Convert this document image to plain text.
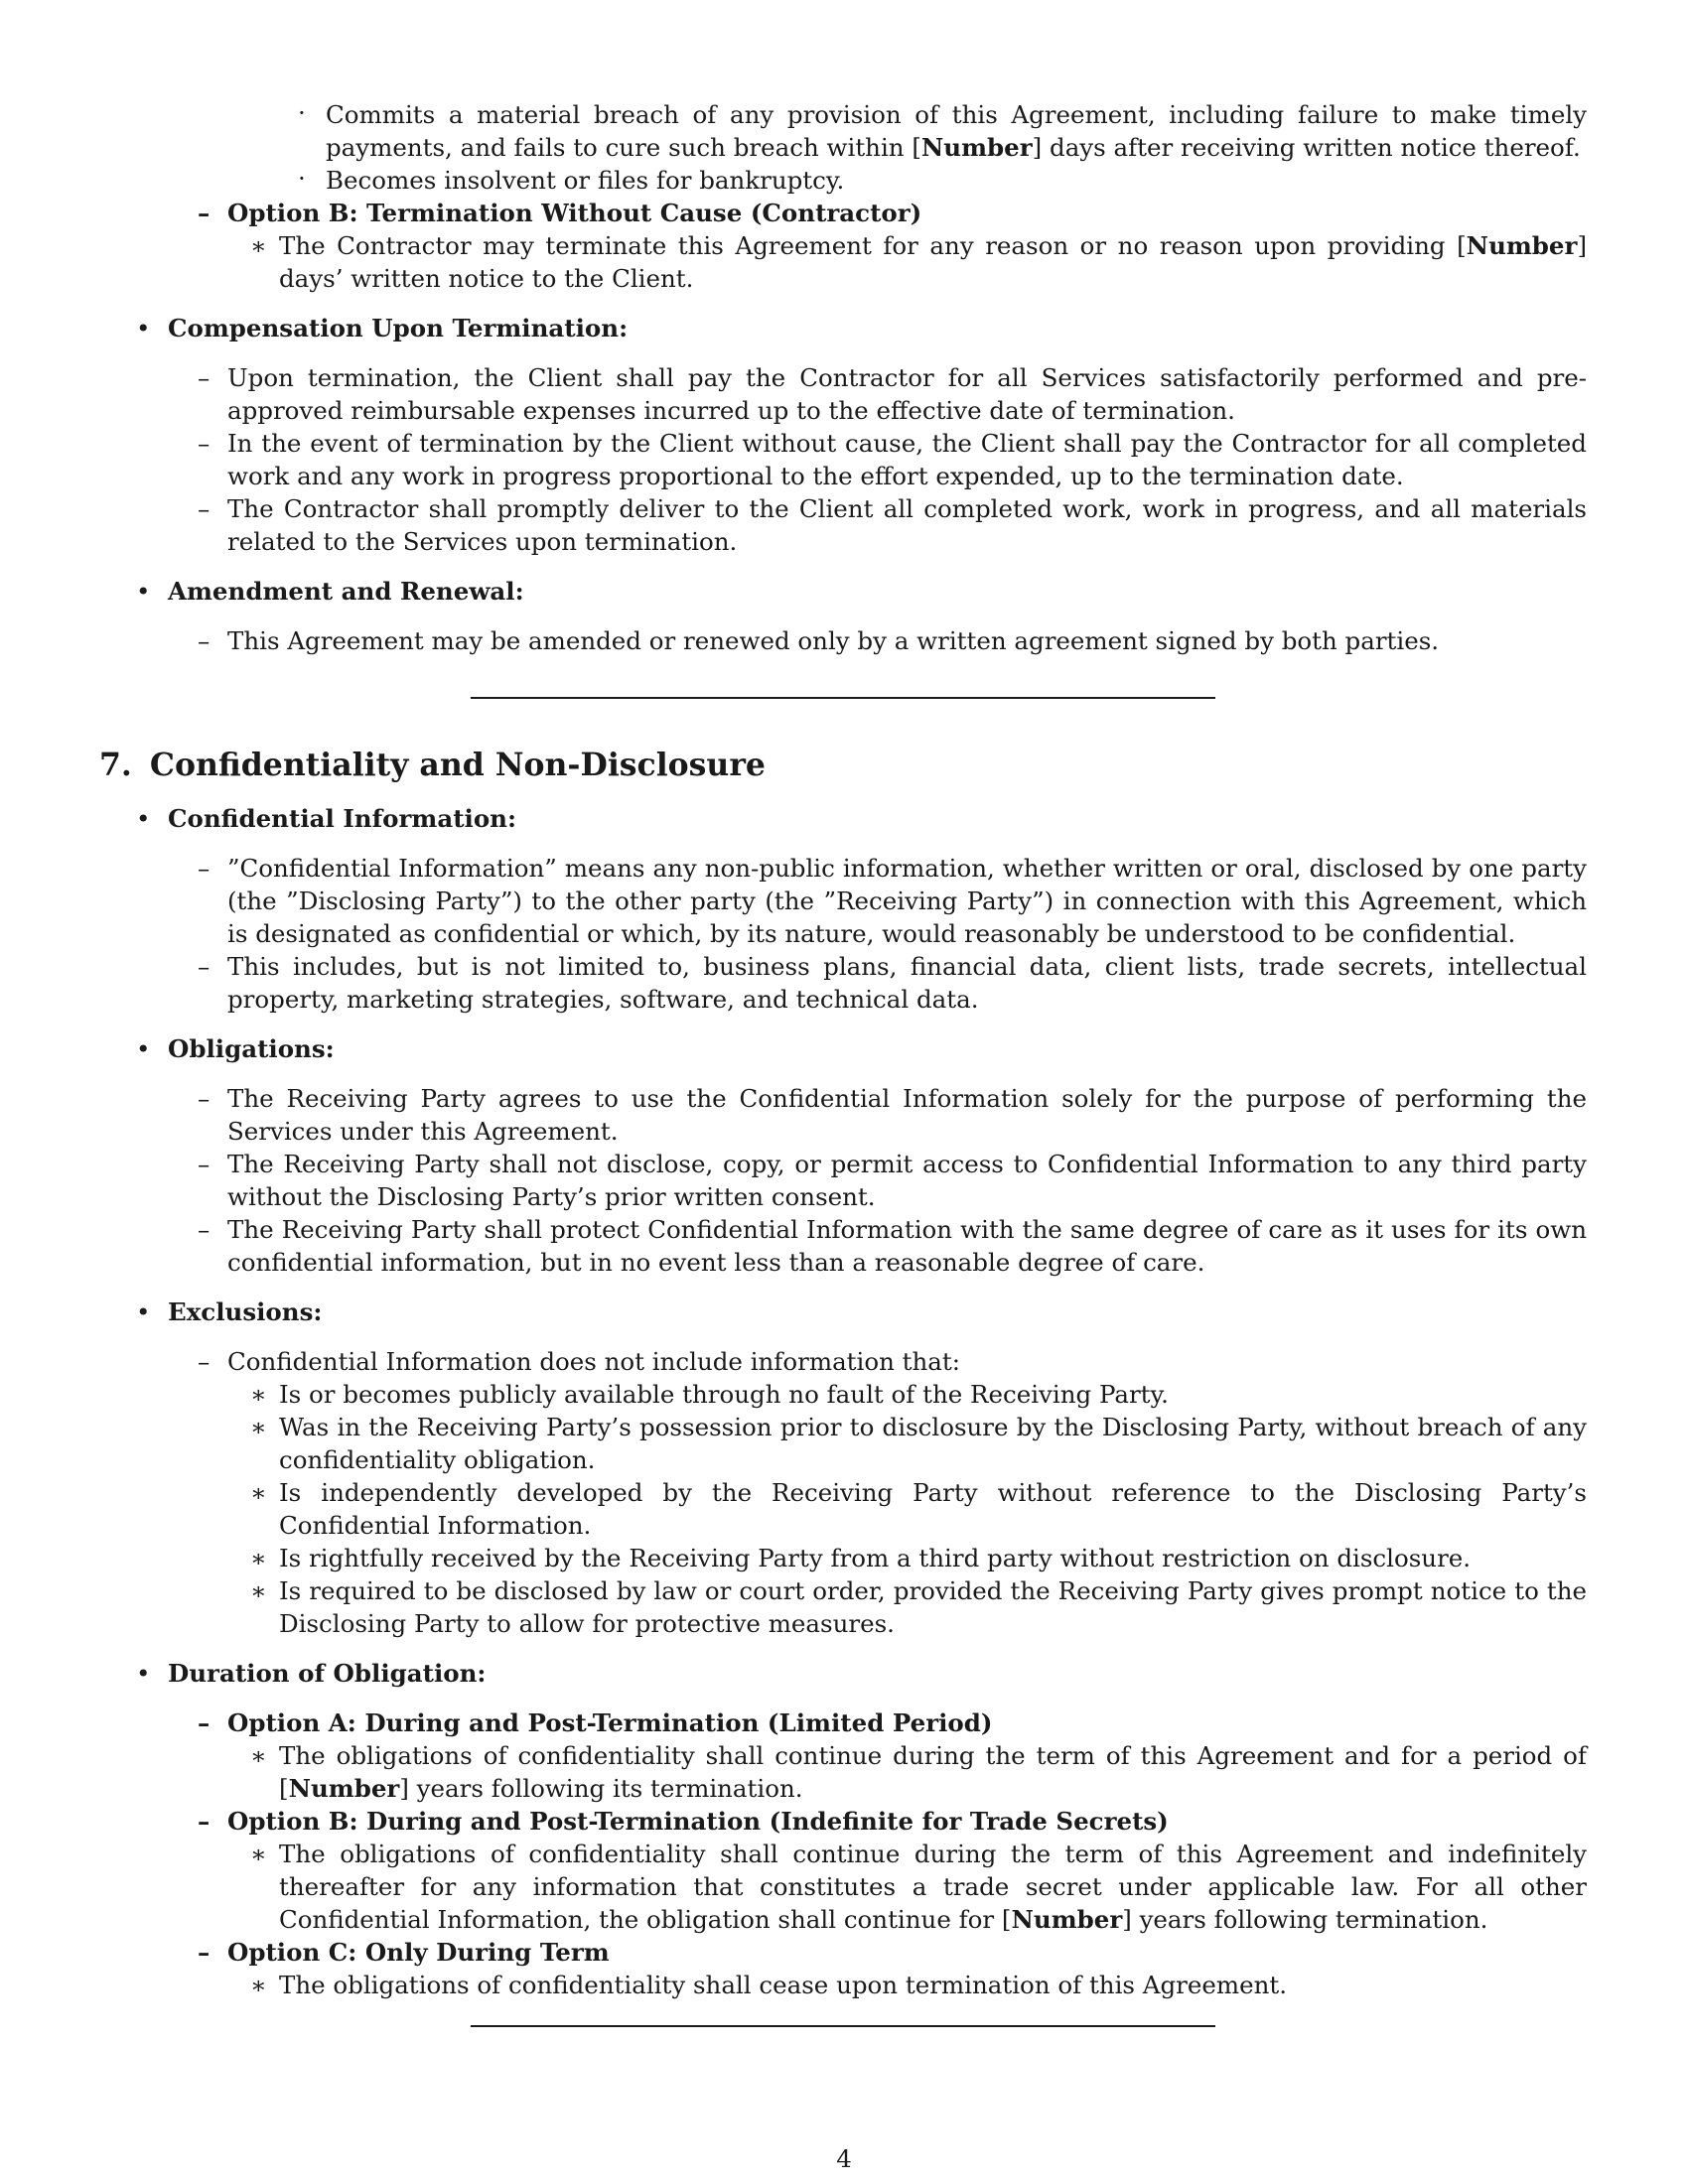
· Commits a material breach of any provision of this Agreement, including failure to make timely payments, and fails to cure such breach within [Number] days after receiving written notice thereof.
· Becomes insolvent or files for bankruptcy.
– Option B: Termination Without Cause (Contractor)
∗ The Contractor may terminate this Agreement for any reason or no reason upon providing [Number] days’ written notice to the Client.
• Compensation Upon Termination:
– Upon termination, the Client shall pay the Contractor for all Services satisfactorily performed and pre-approved reimbursable expenses incurred up to the effective date of termination.
– In the event of termination by the Client without cause, the Client shall pay the Contractor for all completed work and any work in progress proportional to the effort expended, up to the termination date.
– The Contractor shall promptly deliver to the Client all completed work, work in progress, and all materials related to the Services upon termination.
• Amendment and Renewal:
– This Agreement may be amended or renewed only by a written agreement signed by both parties.
7. Confidentiality and Non-Disclosure
• Confidential Information:
– ”Confidential Information” means any non-public information, whether written or oral, disclosed by one party (the ”Disclosing Party”) to the other party (the ”Receiving Party”) in connection with this Agreement, which is designated as confidential or which, by its nature, would reasonably be understood to be confidential.
– This includes, but is not limited to, business plans, financial data, client lists, trade secrets, intellectual property, marketing strategies, software, and technical data.
• Obligations:
– The Receiving Party agrees to use the Confidential Information solely for the purpose of performing the Services under this Agreement.
– The Receiving Party shall not disclose, copy, or permit access to Confidential Information to any third party without the Disclosing Party’s prior written consent.
– The Receiving Party shall protect Confidential Information with the same degree of care as it uses for its own confidential information, but in no event less than a reasonable degree of care.
• Exclusions:
– Confidential Information does not include information that:
∗ Is or becomes publicly available through no fault of the Receiving Party.
∗ Was in the Receiving Party’s possession prior to disclosure by the Disclosing Party, without breach of any confidentiality obligation.
∗ Is independently developed by the Receiving Party without reference to the Disclosing Party’s Confidential Information.
∗ Is rightfully received by the Receiving Party from a third party without restriction on disclosure.
∗ Is required to be disclosed by law or court order, provided the Receiving Party gives prompt notice to the Disclosing Party to allow for protective measures.
• Duration of Obligation:
– Option A: During and Post-Termination (Limited Period)
∗ The obligations of confidentiality shall continue during the term of this Agreement and for a period of [Number] years following its termination.
– Option B: During and Post-Termination (Indefinite for Trade Secrets)
∗ The obligations of confidentiality shall continue during the term of this Agreement and indefinitely thereafter for any information that constitutes a trade secret under applicable law. For all other Confidential Information, the obligation shall continue for [Number] years following termination.
– Option C: Only During Term
∗ The obligations of confidentiality shall cease upon termination of this Agreement.
4
